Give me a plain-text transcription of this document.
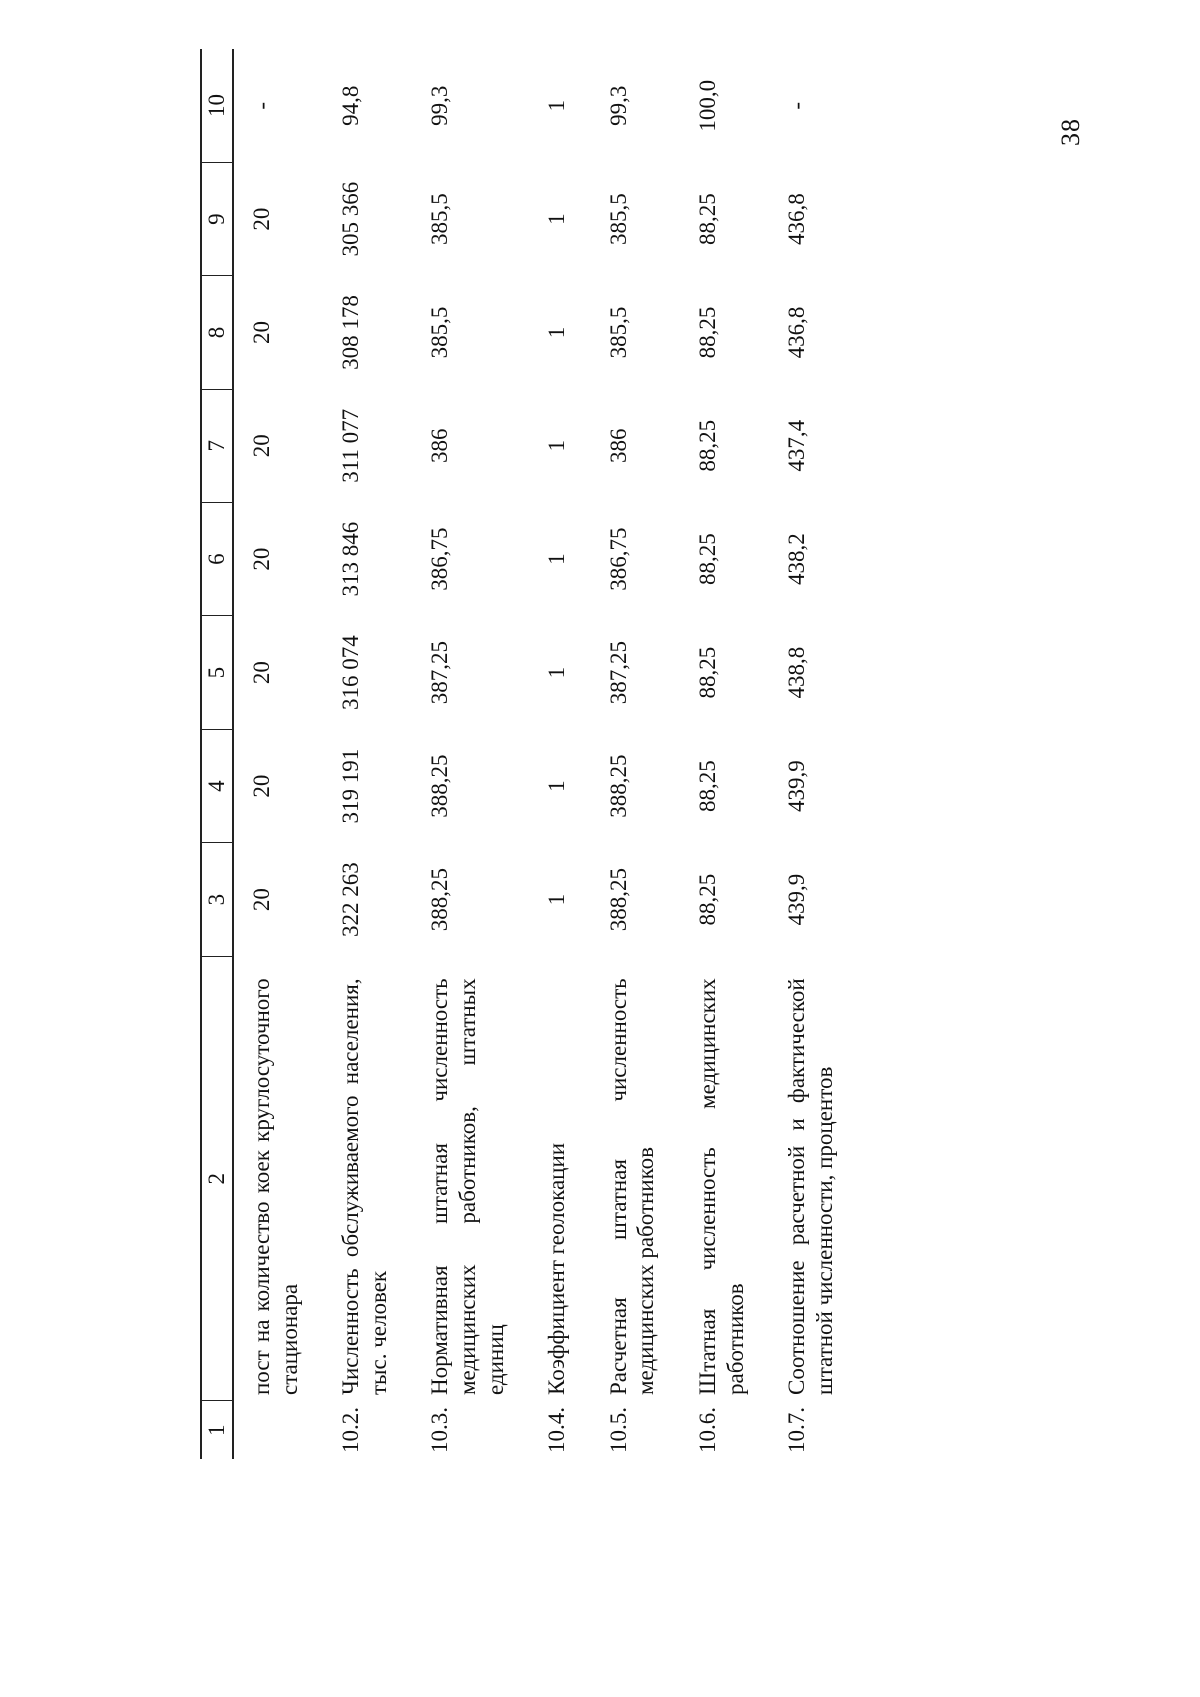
38
1	2	3	4	5	6	7	8	9	10
	пост на количество коек круглосуточного стационара	20	20	20	20	20	20	20	-
10.2.	Численность обслуживаемого населения, тыс. человек	322 263	319 191	316 074	313 846	311 077	308 178	305 366	94,8
10.3.	Нормативная штатная численность медицинских работников, штатных единиц	388,25	388,25	387,25	386,75	386	385,5	385,5	99,3
10.4.	Коэффициент геолокации	1	1	1	1	1	1	1	1
10.5.	Расчетная штатная численность медицинских работников	388,25	388,25	387,25	386,75	386	385,5	385,5	99,3
10.6.	Штатная численность медицинских работников	88,25	88,25	88,25	88,25	88,25	88,25	88,25	100,0
10.7.	Соотношение расчетной и фактической штатной численности, процентов	439,9	439,9	438,8	438,2	437,4	436,8	436,8	-
